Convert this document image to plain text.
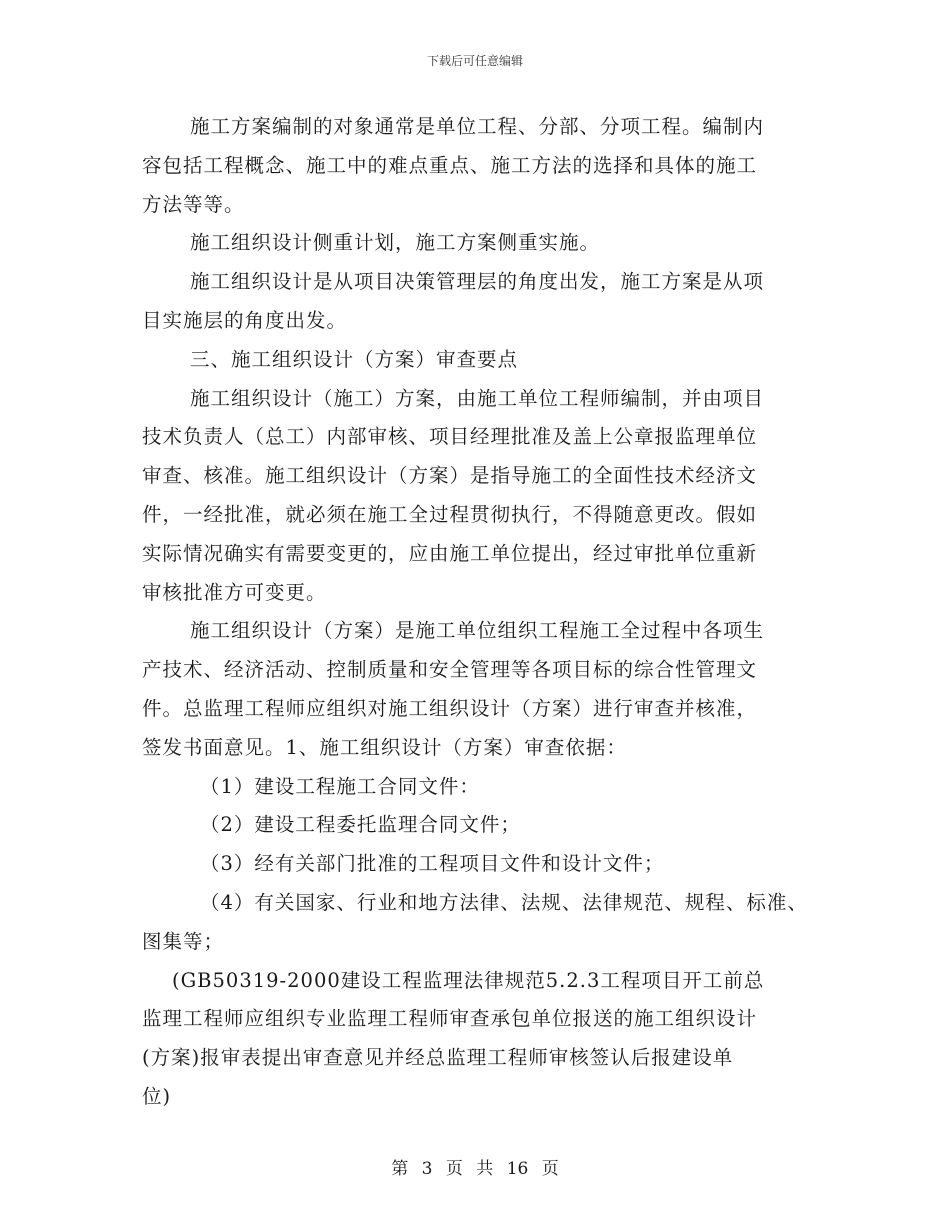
下载后可任意编辑
施工方案编制的对象通常是单位工程、分部、分项工程。编制内
容包括工程概念、施工中的难点重点、施工方法的选择和具体的施工
方法等等。
施工组织设计侧重计划，施工方案侧重实施。
施工组织设计是从项目决策管理层的角度出发，施工方案是从项
目实施层的角度出发。
三、施工组织设计（方案）审查要点
施工组织设计（施工）方案，由施工单位工程师编制，并由项目
技术负责人（总工）内部审核、项目经理批准及盖上公章报监理单位
审查、核准。施工组织设计（方案）是指导施工的全面性技术经济文
件，一经批准，就必须在施工全过程贯彻执行，不得随意更改。假如
实际情况确实有需要变更的，应由施工单位提出，经过审批单位重新
审核批准方可变更。
施工组织设计（方案）是施工单位组织工程施工全过程中各项生
产技术、经济活动、控制质量和安全管理等各项目标的综合性管理文
件。总监理工程师应组织对施工组织设计（方案）进行审查并核准，
签发书面意见。1、施工组织设计（方案）审查依据：
（1）建设工程施工合同文件：
（2）建设工程委托监理合同文件；
（3）经有关部门批准的工程项目文件和设计文件；
（4）有关国家、行业和地方法律、法规、法律规范、规程、标准、
图集等；
(GB50319-2000建设工程监理法律规范5.2.3工程项目开工前总
监理工程师应组织专业监理工程师审查承包单位报送的施工组织设计
(方案)报审表提出审查意见并经总监理工程师审核签认后报建设单
位)
第 3 页 共 16 页
